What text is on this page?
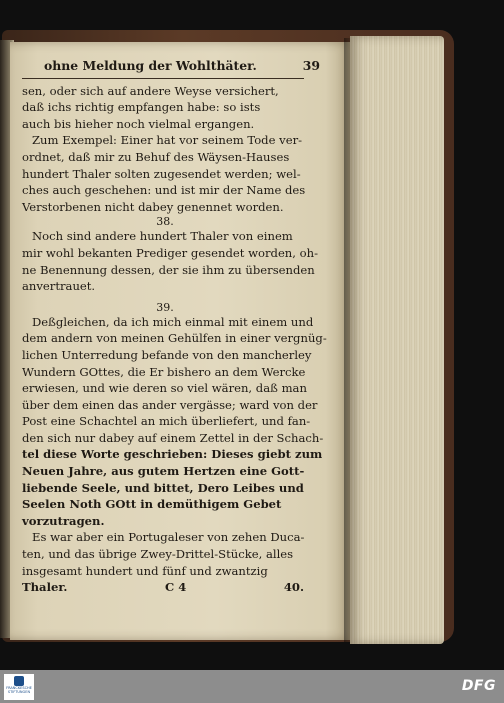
ohne Meldung der Wohlthäter.	39
sen, oder sich auf andere Weyse versichert,
daß ichs richtig empfangen habe: so ists
auch bis hieher noch vielmal ergangen.
Zum Exempel: Einer hat vor seinem Tode ver-
ordnet, daß mir zu Behuf des Wäysen-Hauses
hundert Thaler solten zugesendet werden; wel-
ches auch geschehen: und ist mir der Name des
Verstorbenen nicht dabey genennet worden.

38.

Noch sind andere hundert Thaler von einem
mir wohl bekanten Prediger gesendet worden, oh-
ne Benennung dessen, der sie ihm zu übersenden
anvertrauet.

39.

Deßgleichen, da ich mich einmal mit einem und
dem andern von meinen Gehülfen in einer vergnüg-
lichen Unterredung befande von den mancherley
Wundern GOttes, die Er bishero an dem Wercke
erwiesen, und wie deren so viel wären, daß man
über dem einen das ander vergässe; ward von der
Post eine Schachtel an mich überliefert, und fan-
den sich nur dabey auf einem Zettel in der Schach-
tel diese Worte geschrieben: Dieses giebt zum
Neuen Jahre, aus gutem Hertzen eine Gott-
liebende Seele, und bittet, Dero Leibes und
Seelen Noth GOtt in demüthigem Gebet
vorzutragen.
Es war aber ein Portugaleser von zehen Duca-
ten, und das übrige Zwey-Drittel-Stücke, alles
insgesamt hundert und fünf und zwantzig
Thaler.	C 4	40.
FRANCKESCHE STIFTUNGEN	DFG
